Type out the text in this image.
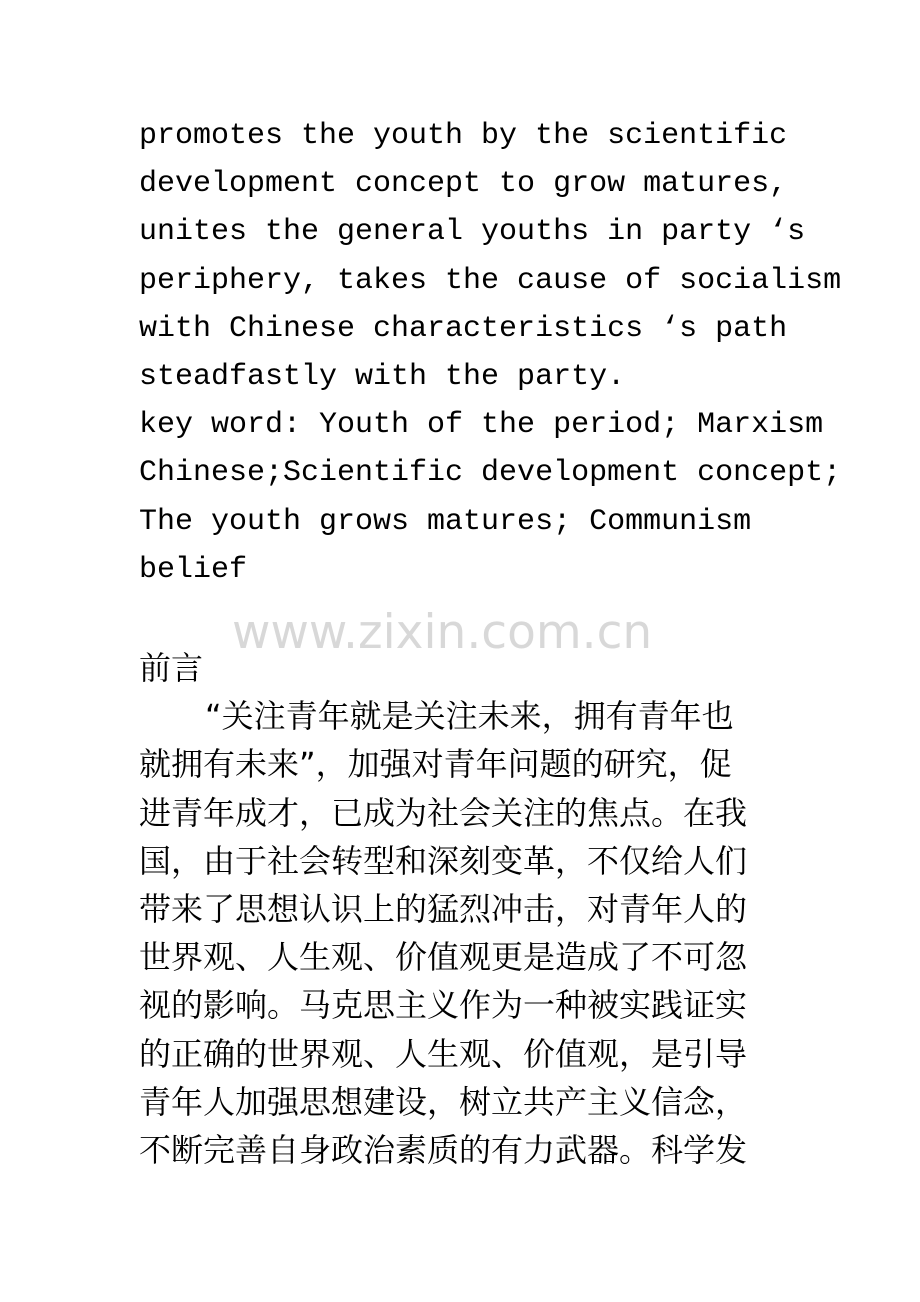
promotes the youth by the scientific
development concept to grow matures,
unites the general youths in party ‘s
periphery, takes the cause of socialism
with Chinese characteristics ‘s path
steadfastly with the party.
key word: Youth of the period; Marxism
Chinese;Scientific development concept;
The youth grows matures; Communism
belief
www.zixin.com.cn
前言
“关注青年就是关注未来，拥有青年也
就拥有未来”，加强对青年问题的研究，促
进青年成才，已成为社会关注的焦点。在我
国，由于社会转型和深刻变革，不仅给人们
带来了思想认识上的猛烈冲击，对青年人的
世界观、人生观、价值观更是造成了不可忽
视的影响。马克思主义作为一种被实践证实
的正确的世界观、人生观、价值观，是引导
青年人加强思想建设，树立共产主义信念，
不断完善自身政治素质的有力武器。科学发
